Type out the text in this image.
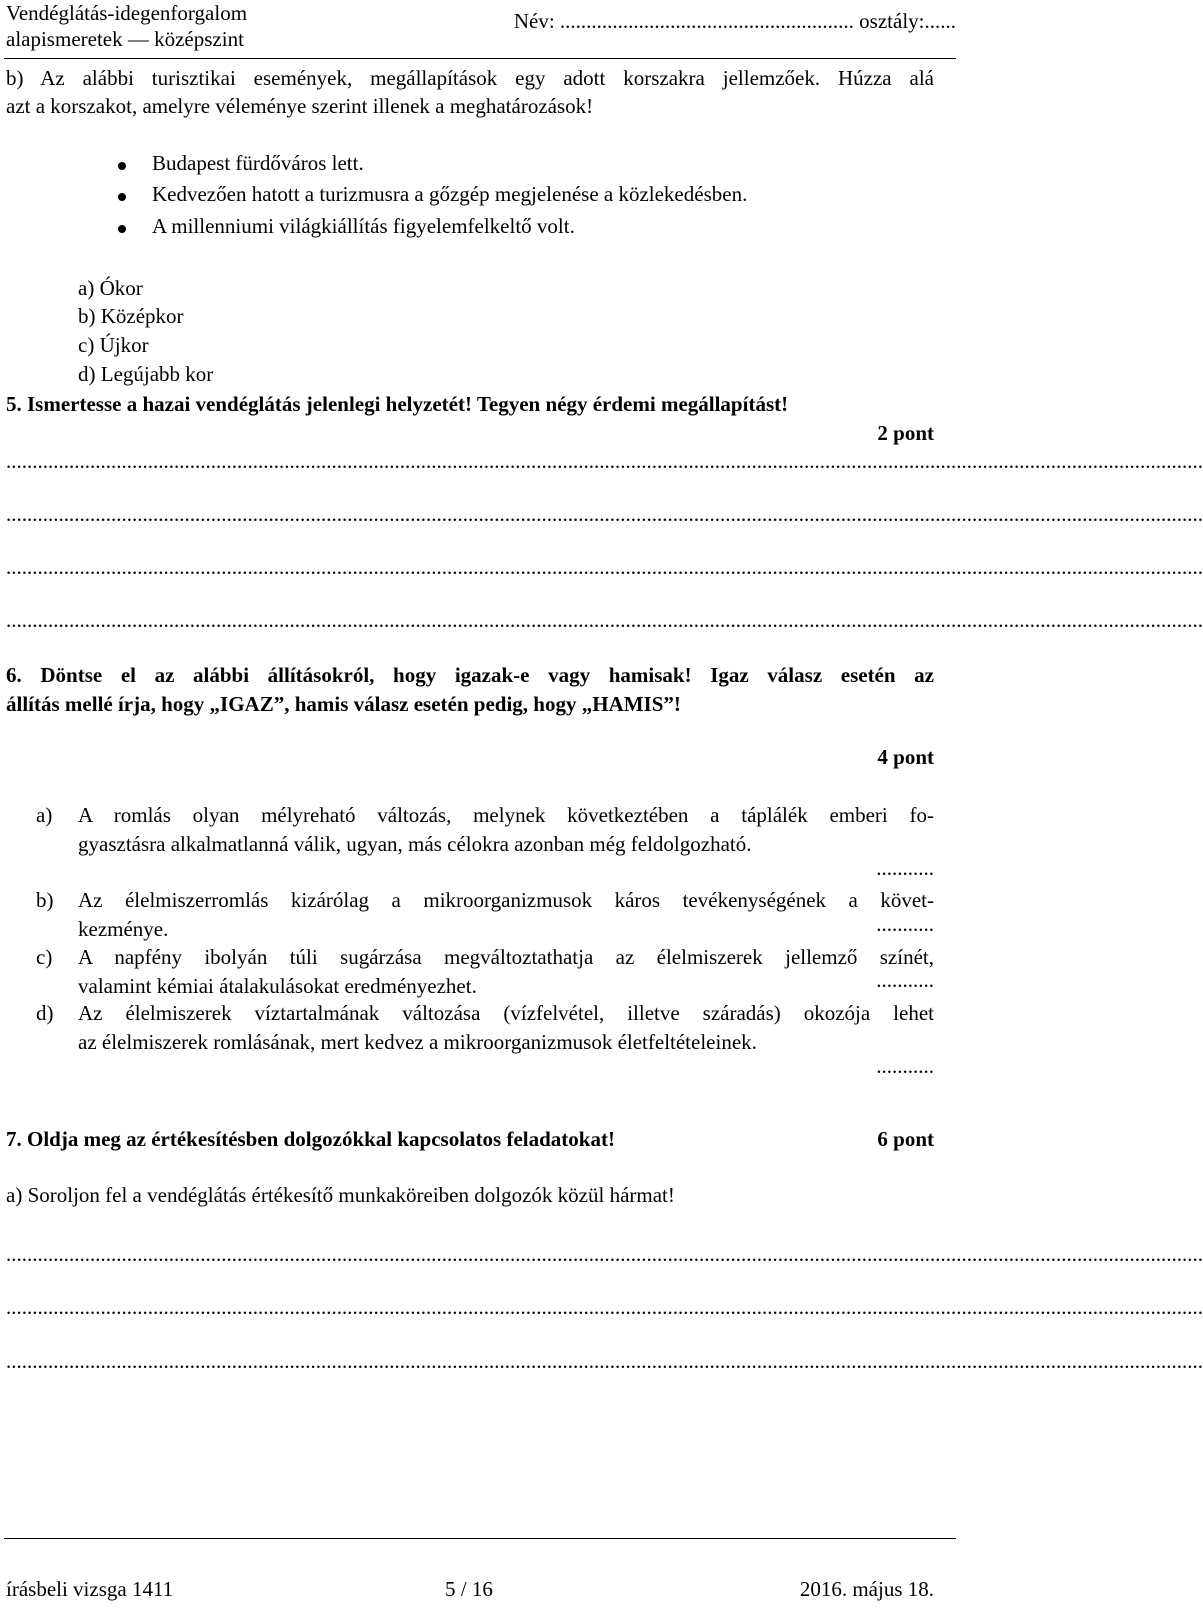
Vendéglátás-idegenforgalom
alapismeretek — középszint
Név: ........................................................ osztály:......
b) Az alábbi turisztikai események, megállapítások egy adott korszakra jellemzőek. Húzza alá
azt a korszakot, amelyre véleménye szerint illenek a meghatározások!
Budapest fürdőváros lett.
Kedvezően hatott a turizmusra a gőzgép megjelenése a közlekedésben.
A millenniumi világkiállítás figyelemfelkeltő volt.
a) Ókor
b) Középkor
c) Újkor
d) Legújabb kor
5. Ismertesse a hazai vendéglátás jelenlegi helyzetét! Tegyen négy érdemi megállapítást!
2 pont
....................................................................................................................................................................................................................................
....................................................................................................................................................................................................................................
....................................................................................................................................................................................................................................
....................................................................................................................................................................................................................................
6. Döntse el az alábbi állításokról, hogy igazak-e vagy hamisak! Igaz válasz esetén az
állítás mellé írja, hogy „IGAZ”, hamis válasz esetén pedig, hogy „HAMIS”!
4 pont
a) A romlás olyan mélyreható változás, melynek következtében a táplálék emberi fo-
gyasztásra alkalmatlanná válik, ugyan, más célokra azonban még feldolgozható.
...........
b) Az élelmiszerromlás kizárólag a mikroorganizmusok káros tevékenységének a követ-
kezménye.	...........
c) A napfény ibolyán túli sugárzása megváltoztathatja az élelmiszerek jellemző színét,
valamint kémiai átalakulásokat eredményezhet.	...........
d) Az élelmiszerek víztartalmának változása (vízfelvétel, illetve száradás) okozója lehet
az élelmiszerek romlásának, mert kedvez a mikroorganizmusok életfeltételeinek.
...........
7. Oldja meg az értékesítésben dolgozókkal kapcsolatos feladatokat!	6 pont
a) Soroljon fel a vendéglátás értékesítő munkaköreiben dolgozók közül hármat!
....................................................................................................................................................................................................................................
....................................................................................................................................................................................................................................
....................................................................................................................................................................................................................................
írásbeli vizsga 1411	5 / 16	2016. május 18.
